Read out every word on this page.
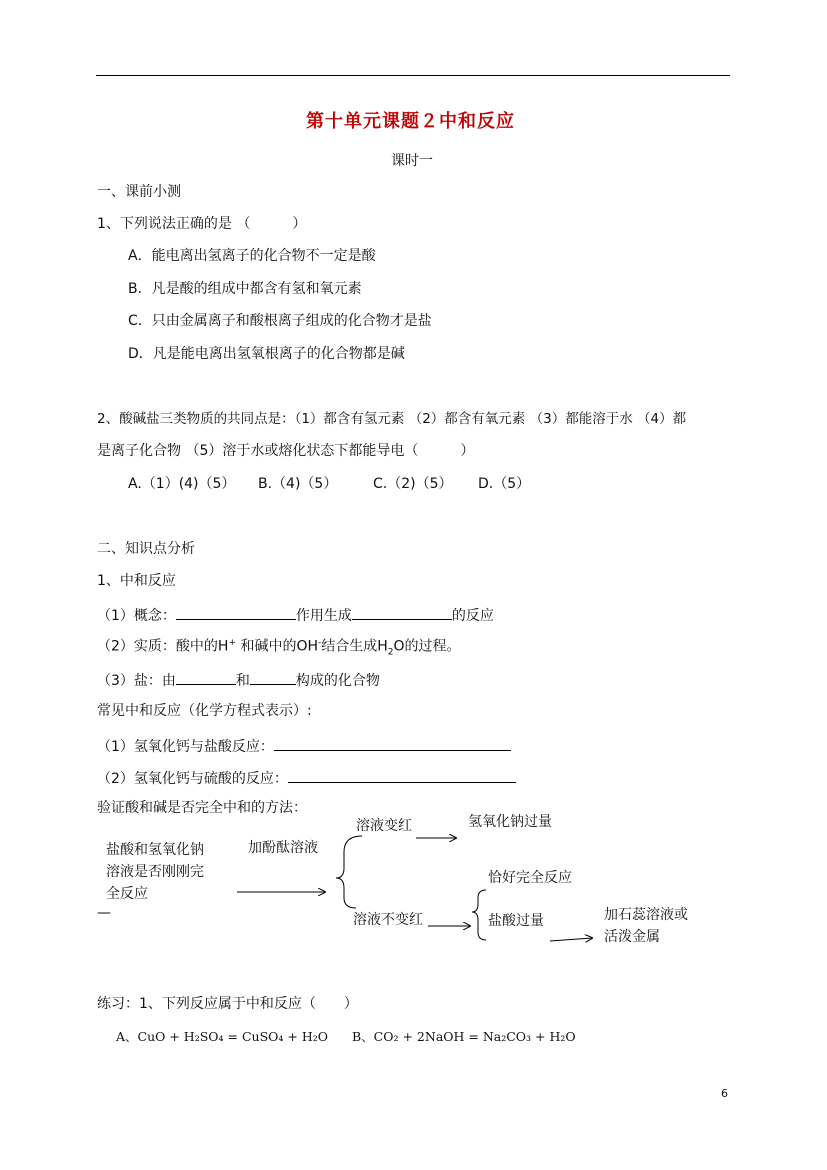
第十单元课题２中和反应
课时一
一、课前小测
1、下列说法正确的是 （　　　）
A．能电离出氢离子的化合物不一定是酸
B．凡是酸的组成中都含有氢和氧元素
C．只由金属离子和酸根离子组成的化合物才是盐
D．凡是能电离出氢氧根离子的化合物都是碱
2、酸碱盐三类物质的共同点是：（1）都含有氢元素 （2）都含有氧元素 （3）都能溶于水 （4）都
是离子化合物 （5）溶于水或熔化状态下都能导电（　　　）
A.（1）(4)（5） B.（4)（5）	C.（2)（5） D.（5）
二、知识点分析
1、中和反应
（1）概念：	作用生成	的反应
（2）实质：酸中的H+ 和碱中的OH-结合生成$H_2O$的过程。
（3）盐：由	和	构成的化合物
常见中和反应（化学方程式表示）:
（1）氢氧化钙与盐酸反应：
（2）氢氧化钙与硫酸的反应：
验证酸和碱是否完全中和的方法：
盐酸和氢氧化钠
溶液是否刚刚完
全反应
—
加酚酞溶液
溶液变红	氢氧化钠过量
溶液不变红
恰好完全反应
盐酸过量	加石蕊溶液或
活泼金属
练习：1、下列反应属于中和反应（　　）
A、CuO + H₂SO₄ = CuSO₄ + H₂O B、CO₂ + 2NaOH = Na₂CO₃ + H₂O
6
